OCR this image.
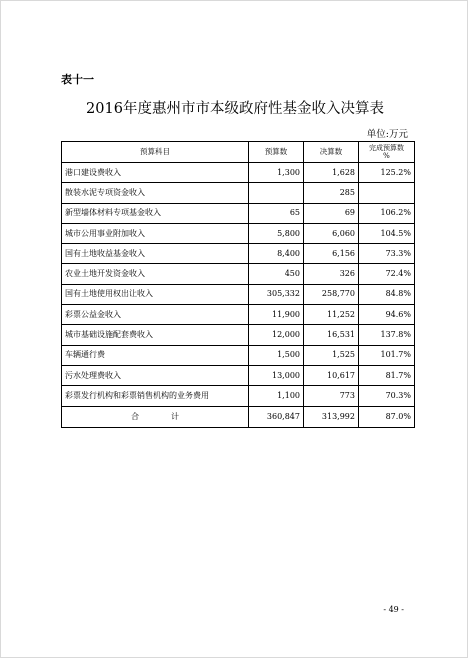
表十一
2016年度惠州市市本级政府性基金收入决算表
单位:万元
预算科目	预算数	决算数	完成预算数
%

港口建设费收入	1,300	1,628	125.2%
散装水泥专项资金收入		285	
新型墙体材料专项基金收入	65	69	106.2%
城市公用事业附加收入	5,800	6,060	104.5%
国有土地收益基金收入	8,400	6,156	73.3%
农业土地开发资金收入	450	326	72.4%
国有土地使用权出让收入	305,332	258,770	84.8%
彩票公益金收入	11,900	11,252	94.6%
城市基础设施配套费收入	12,000	16,531	137.8%
车辆通行费	1,500	1,525	101.7%
污水处理费收入	13,000	10,617	81.7%
彩票发行机构和彩票销售机构的业务费用	1,100	773	70.3%

合 计	360,847	313,992	87.0%
- 49 -
